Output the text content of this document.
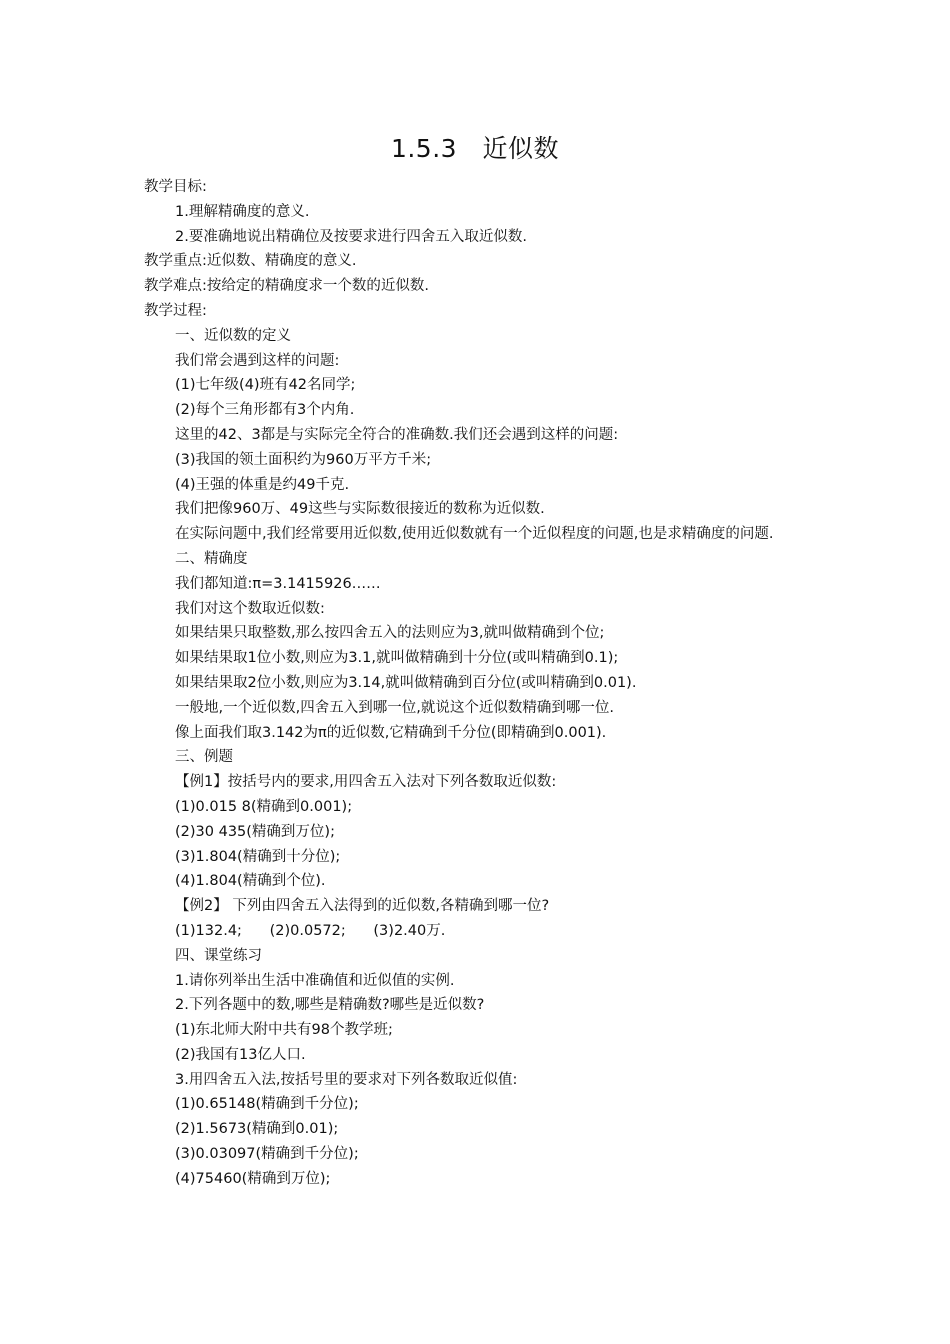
1.5.3　近似数
教学目标:
1.理解精确度的意义.
2.要准确地说出精确位及按要求进行四舍五入取近似数.
教学重点:近似数、精确度的意义.
教学难点:按给定的精确度求一个数的近似数.
教学过程:
一、近似数的定义
我们常会遇到这样的问题:
(1)七年级(4)班有42名同学;
(2)每个三角形都有3个内角.
这里的42、3都是与实际完全符合的准确数.我们还会遇到这样的问题:
(3)我国的领土面积约为960万平方千米;
(4)王强的体重是约49千克.
我们把像960万、49这些与实际数很接近的数称为近似数.
在实际问题中,我们经常要用近似数,使用近似数就有一个近似程度的问题,也是求精确度的问题.
二、精确度
我们都知道:π=3.1415926……
我们对这个数取近似数:
如果结果只取整数,那么按四舍五入的法则应为3,就叫做精确到个位;
如果结果取1位小数,则应为3.1,就叫做精确到十分位(或叫精确到0.1);
如果结果取2位小数,则应为3.14,就叫做精确到百分位(或叫精确到0.01).
一般地,一个近似数,四舍五入到哪一位,就说这个近似数精确到哪一位.
像上面我们取3.142为π的近似数,它精确到千分位(即精确到0.001).
三、例题
【例1】按括号内的要求,用四舍五入法对下列各数取近似数:
(1)0.015 8(精确到0.001);
(2)30 435(精确到万位);
(3)1.804(精确到十分位);
(4)1.804(精确到个位).
【例2】 下列由四舍五入法得到的近似数,各精确到哪一位?
(1)132.4;      (2)0.0572;      (3)2.40万.
四、课堂练习
1.请你列举出生活中准确值和近似值的实例.
2.下列各题中的数,哪些是精确数?哪些是近似数?
(1)东北师大附中共有98个教学班;
(2)我国有13亿人口.
3.用四舍五入法,按括号里的要求对下列各数取近似值:
(1)0.65148(精确到千分位);
(2)1.5673(精确到0.01);
(3)0.03097(精确到千分位);
(4)75460(精确到万位);
